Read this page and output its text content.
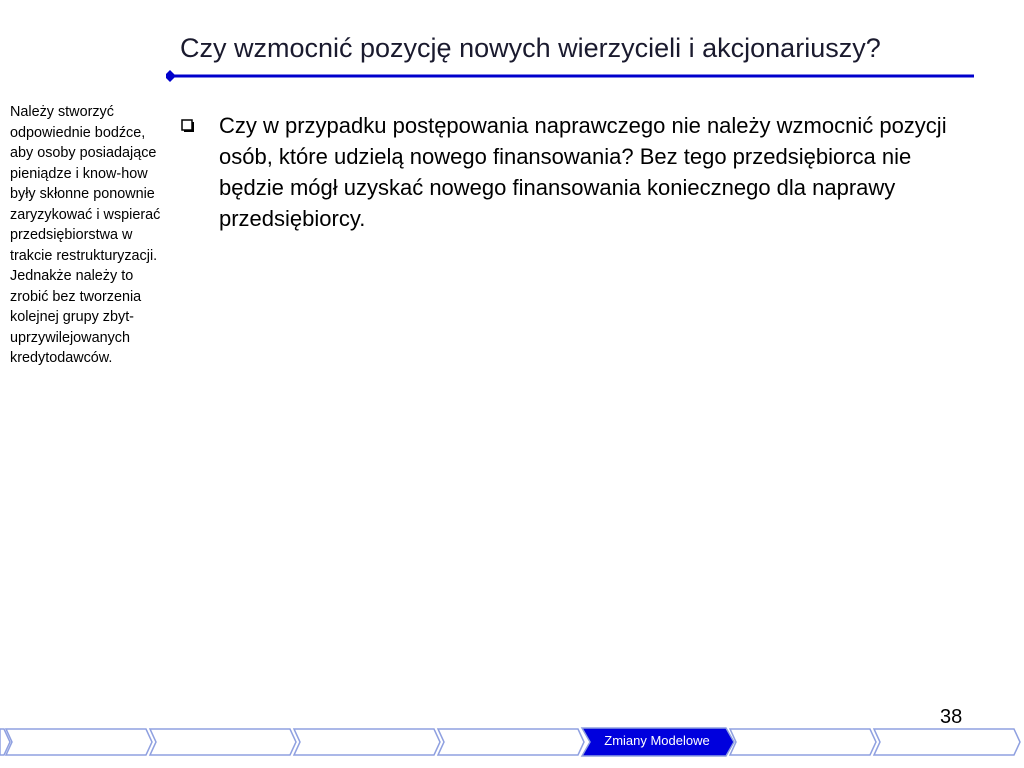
Czy wzmocnić pozycję nowych wierzycieli i akcjonariuszy?
Należy stworzyć odpowiednie bodźce, aby osoby posiadające pieniądze i know-how były skłonne ponownie zaryzykować i wspierać przedsiębiorstwa w trakcie restrukturyzacji. Jednakże należy to zrobić bez tworzenia kolejnej grupy zbyt-uprzywilejowanych kredytodawców.
Czy w przypadku postępowania naprawczego nie należy wzmocnić pozycji osób, które udzielą nowego finansowania? Bez tego przedsiębiorca nie będzie mógł uzyskać nowego finansowania koniecznego dla naprawy przedsiębiorcy.
38
Zmiany Modelowe
